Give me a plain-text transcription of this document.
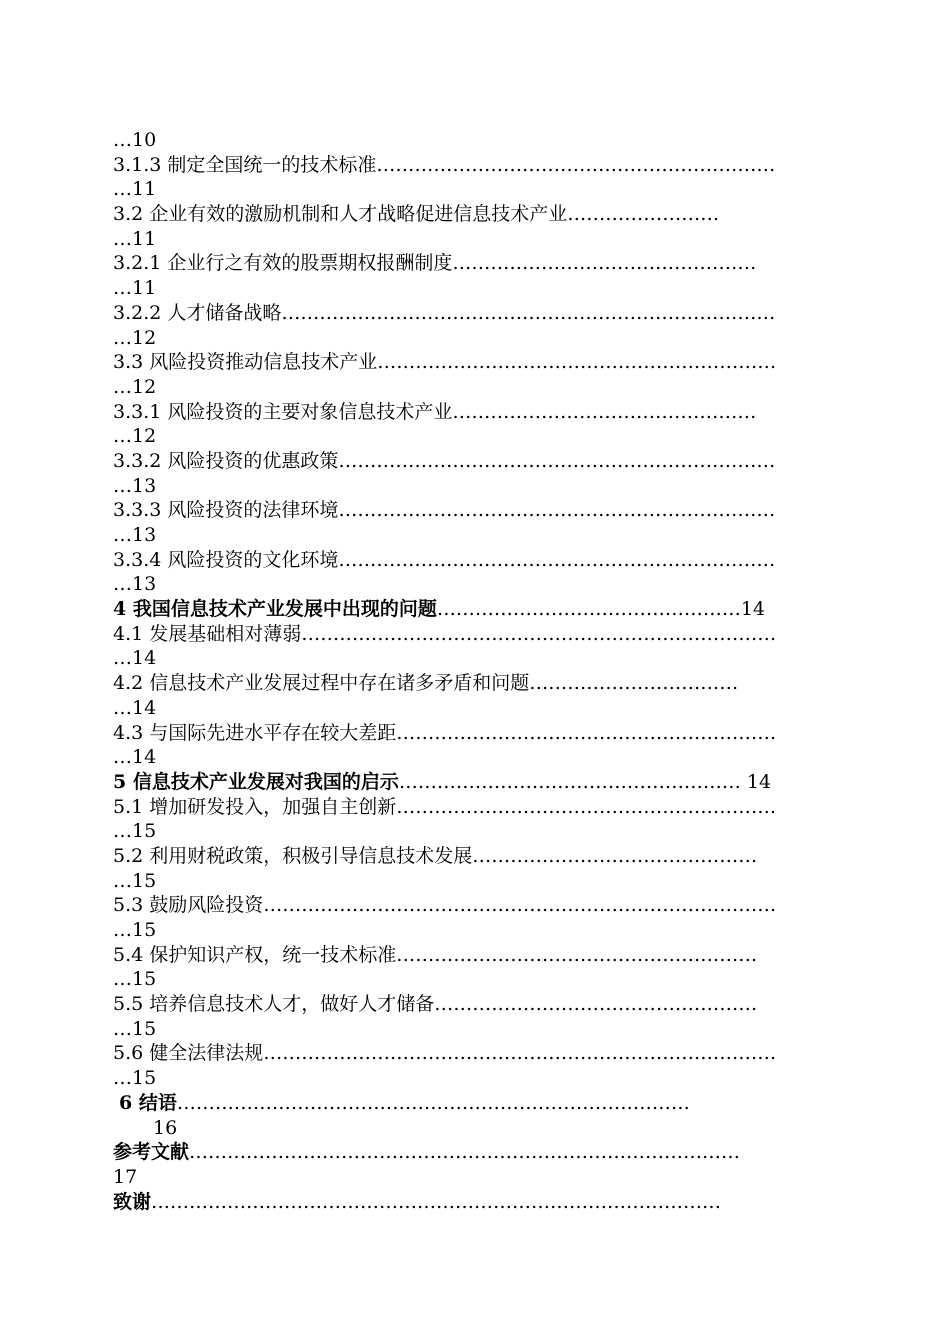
…10
3.1.3 制定全国统一的技术标准………………………………………………………
…11
3.2 企业有效的激励机制和人才战略促进信息技术产业……………………
…11
3.2.1 企业行之有效的股票期权报酬制度…………………………………………
…11
3.2.2 人才储备战略……………………………………………………………………
…12
3.3 风险投资推动信息技术产业………………………………………………………
…12
3.3.1 风险投资的主要对象信息技术产业…………………………………………
…12
3.3.2 风险投资的优惠政策……………………………………………………………
…13
3.3.3 风险投资的法律环境……………………………………………………………
…13
3.3.4 风险投资的文化环境……………………………………………………………
…13
4 我国信息技术产业发展中出现的问题…………………………………………14
4.1 发展基础相对薄弱…………………………………………………………………
…14
4.2 信息技术产业发展过程中存在诸多矛盾和问题……………………………
…14
4.3 与国际先进水平存在较大差距……………………………………………………
…14
5 信息技术产业发展对我国的启示……………………………………………… 14
5.1 增加研发投入，加强自主创新……………………………………………………
…15
5.2 利用财税政策，积极引导信息技术发展………………………………………
…15
5.3 鼓励风险投资………………………………………………………………………
…15
5.4 保护知识产权，统一技术标准…………………………………………………
…15
5.5 培养信息技术人才，做好人才储备……………………………………………
…15
5.6 健全法律法规………………………………………………………………………
…15
6 结语………………………………………………………………………
16
参考文献……………………………………………………………………………
17
致谢………………………………………………………………………………
